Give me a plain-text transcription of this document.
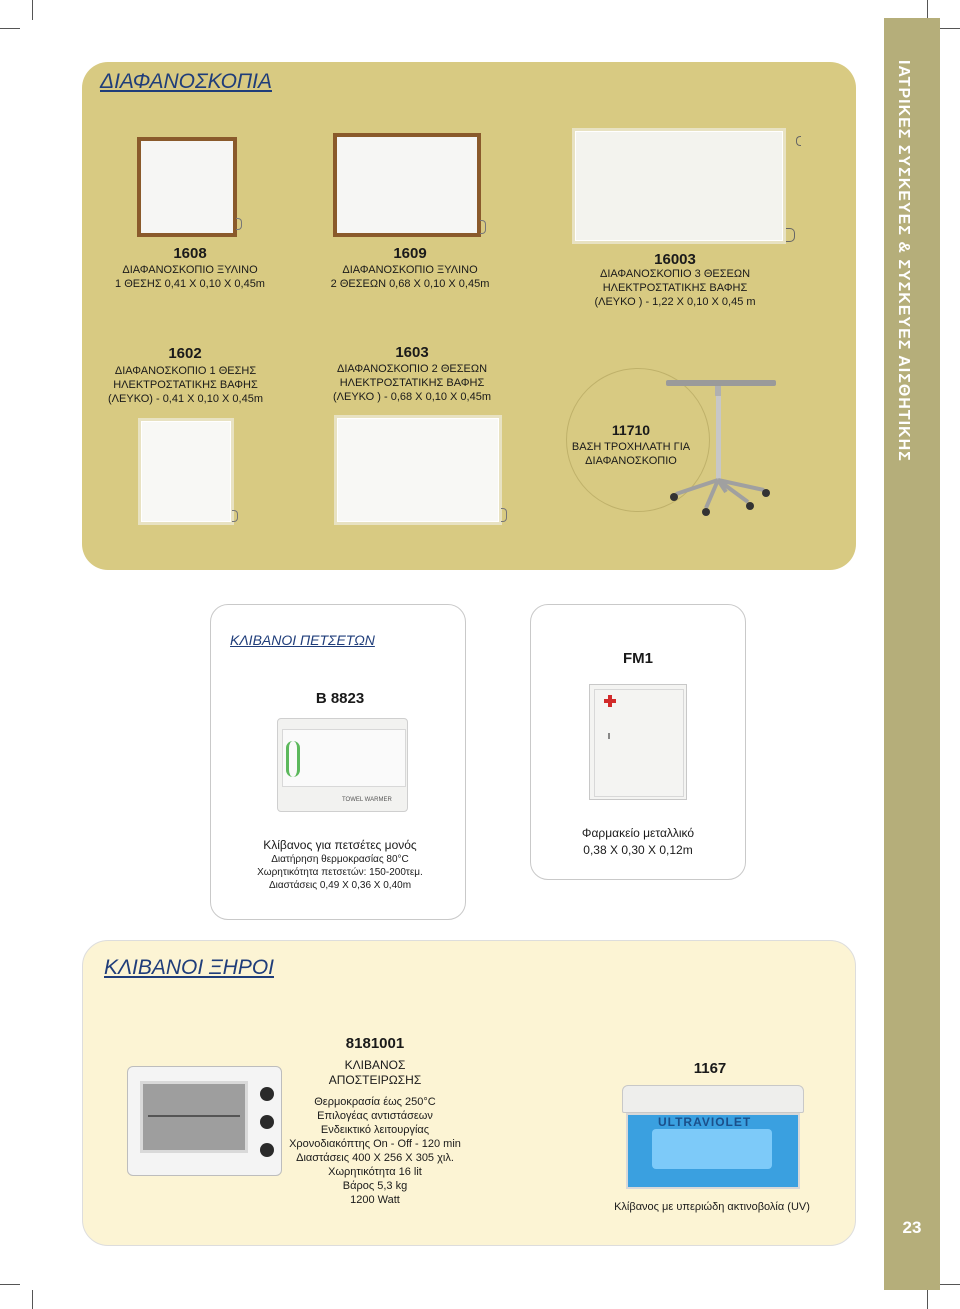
ΙΑΤΡΙΚΕΣ ΣΥΣΚΕΥΕΣ & ΣΥΣΚΕΥΕΣ ΑΙΣΘΗΤΙΚΗΣ
23
ΔΙΑΦΑΝΟΣΚΟΠΙΑ
1608
ΔΙΑΦΑΝΟΣΚΟΠΙΟ ΞΥΛΙΝΟ
1 ΘΕΣΗΣ 0,41 Χ 0,10 Χ 0,45m
1609
ΔΙΑΦΑΝΟΣΚΟΠΙΟ ΞΥΛΙΝΟ
2 ΘΕΣΕΩΝ 0,68 Χ 0,10 Χ 0,45m
16003
ΔΙΑΦΑΝΟΣΚΟΠΙΟ 3 ΘΕΣΕΩΝ
ΗΛΕΚΤΡΟΣΤΑΤΙΚΗΣ ΒΑΦΗΣ
(ΛΕΥΚΟ ) - 1,22 Χ 0,10 Χ 0,45 m
1602
ΔΙΑΦΑΝΟΣΚΟΠΙΟ 1 ΘΕΣΗΣ
ΗΛΕΚΤΡΟΣΤΑΤΙΚΗΣ ΒΑΦΗΣ
(ΛΕΥΚΟ) - 0,41 Χ 0,10 Χ 0,45m
1603
ΔΙΑΦΑΝΟΣΚΟΠΙΟ 2 ΘΕΣΕΩΝ
ΗΛΕΚΤΡΟΣΤΑΤΙΚΗΣ ΒΑΦΗΣ
(ΛΕΥΚΟ ) - 0,68 Χ 0,10 Χ 0,45m
11710
ΒΑΣΗ ΤΡΟΧΗΛΑΤΗ ΓΙΑ
ΔΙΑΦΑΝΟΣΚΟΠΙΟ
ΚΛΙΒΑΝΟΙ ΠΕΤΣΕΤΩΝ
B 8823
TOWEL WARMER
Κλίβανος για πετσέτες μονός
Διατήρηση θερμοκρασίας 80°C
Χωρητικότητα πετσετών: 150-200τεμ.
Διαστάσεις 0,49 Χ 0,36 Χ 0,40m
FM1
Φαρμακείο μεταλλικό
0,38 Χ 0,30 Χ 0,12m
ΚΛΙΒΑΝΟΙ ΞΗΡΟΙ
8181001
ΚΛΙΒΑΝΟΣ
ΑΠΟΣΤΕΙΡΩΣΗΣ
Θερμοκρασία έως 250°C
Επιλογέας αντιστάσεων
Ενδεικτικό λειτουργίας
Χρονοδιακόπτης On - Off - 120 min
Διαστάσεις 400 Χ 256 Χ 305 χιλ.
Χωρητικότητα 16 lit
Βάρος 5,3 kg
1200 Watt
1167
ULTRAVIOLET
Κλίβανος με υπεριώδη ακτινοβολία (UV)
